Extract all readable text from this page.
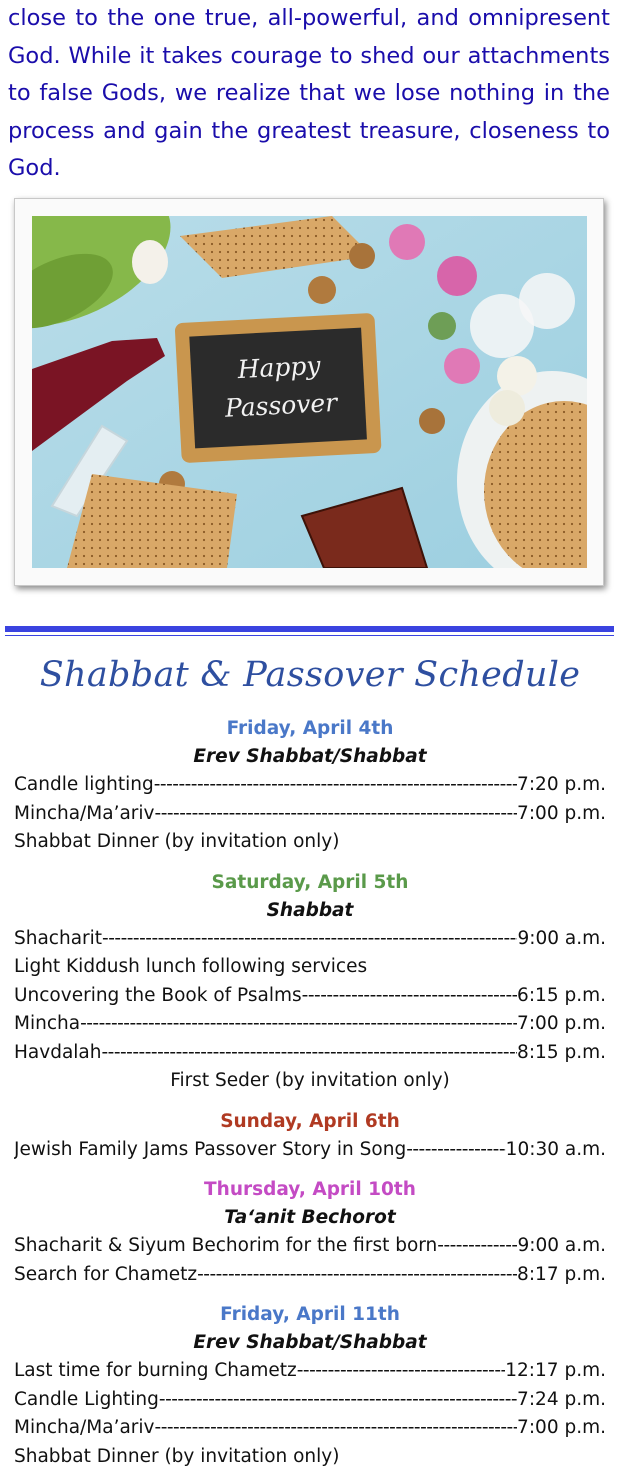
close to the one true, all-powerful, and omnipresent God. While it takes courage to shed our attachments to false Gods, we realize that we lose nothing in the process and gain the greatest treasure, closeness to God.

Happy
Passover
Shabbat & Passover Schedule
Friday, April 4th
Erev Shabbat/Shabbat
Candle lighting -----	7:20 p.m.
Mincha/Ma’ariv -----	7:00 p.m.
Shabbat Dinner (by invitation only)
Saturday, April 5th
Shabbat
Shacharit -----	9:00 a.m.
Light Kiddush lunch following services
Uncovering the Book of Psalms -----	6:15 p.m.
Mincha -----	7:00 p.m.
Havdalah -----	8:15 p.m.
First Seder (by invitation only)
Sunday, April 6th
Jewish Family Jams Passover Story in Song -----	10:30 a.m.
Thursday, April 10th
Ta‘anit Bechorot
Shacharit & Siyum Bechorim for the first born -----	9:00 a.m.
Search for Chametz -----	8:17 p.m.
Friday, April 11th
Erev Shabbat/Shabbat
Last time for burning Chametz -----	12:17 p.m.
Candle Lighting -----	7:24 p.m.
Mincha/Ma’ariv -----	7:00 p.m.
Shabbat Dinner (by invitation only)
